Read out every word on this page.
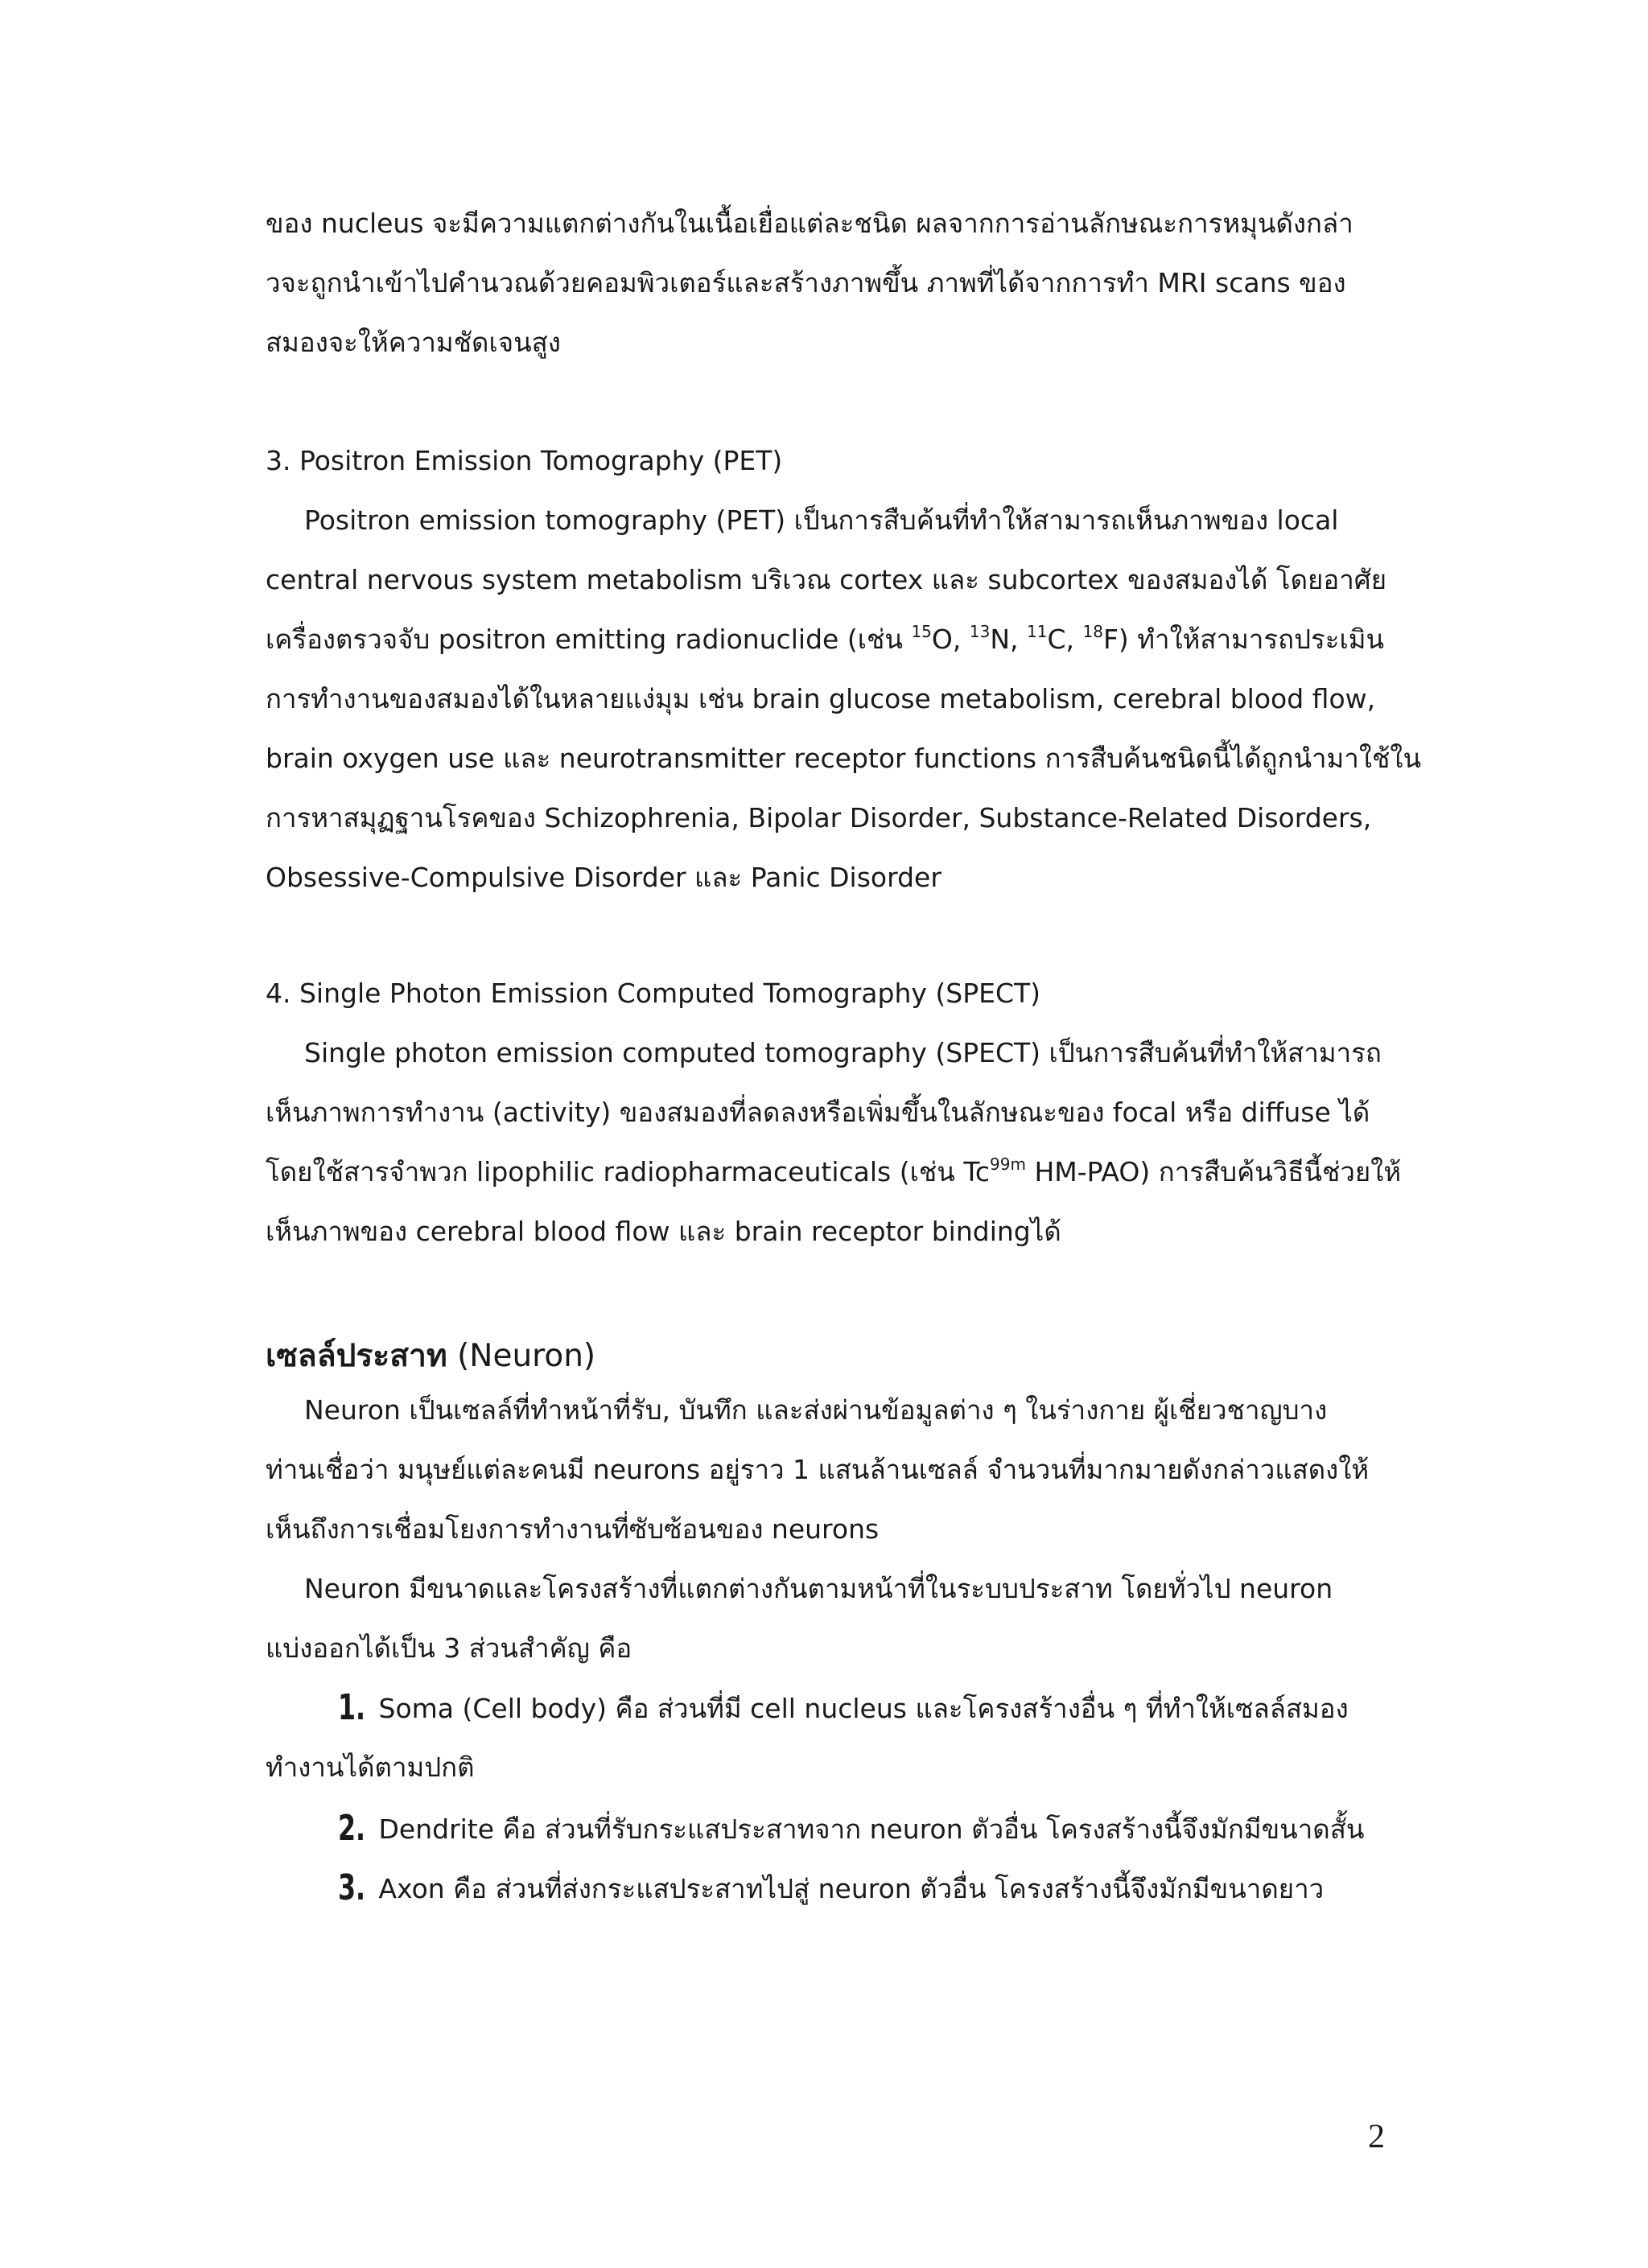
ของ nucleus จะมีความแตกต่างกันในเนื้อเยื่อแต่ละชนิด ผลจากการอ่านลักษณะการหมุนดังกล่า
วจะถูกนำเข้าไปคำนวณด้วยคอมพิวเตอร์และสร้างภาพขึ้น ภาพที่ได้จากการทำ MRI scans ของ
สมองจะให้ความชัดเจนสูง
3. Positron Emission Tomography (PET)
Positron emission tomography (PET) เป็นการสืบค้นที่ทำให้สามารถเห็นภาพของ local
central nervous system metabolism บริเวณ cortex และ subcortex ของสมองได้ โดยอาศัย
เครื่องตรวจจับ positron emitting radionuclide (เช่น $^{15}$O, $^{13}$N, $^{11}$C, $^{18}$F) ทำให้สามารถประเมิน
การทำงานของสมองได้ในหลายแง่มุม เช่น brain glucose metabolism, cerebral blood flow,
brain oxygen use และ neurotransmitter receptor functions การสืบค้นชนิดนี้ได้ถูกนำมาใช้ใน
การหาสมุฏฐานโรคของ Schizophrenia, Bipolar Disorder, Substance-Related Disorders,
Obsessive-Compulsive Disorder และ Panic Disorder
4. Single Photon Emission Computed Tomography (SPECT)
Single photon emission computed tomography (SPECT) เป็นการสืบค้นที่ทำให้สามารถ
เห็นภาพการทำงาน (activity) ของสมองที่ลดลงหรือเพิ่มขึ้นในลักษณะของ focal หรือ diffuse ได้
โดยใช้สารจำพวก lipophilic radiopharmaceuticals (เช่น $Tc^{99m}$ HM-PAO) การสืบค้นวิธีนี้ช่วยให้
เห็นภาพของ cerebral blood flow และ brain receptor bindingได้
เซลล์ประสาท (Neuron)
Neuron เป็นเซลล์ที่ทำหน้าที่รับ, บันทึก และส่งผ่านข้อมูลต่าง ๆ ในร่างกาย ผู้เชี่ยวชาญบาง
ท่านเชื่อว่า มนุษย์แต่ละคนมี neurons อยู่ราว 1 แสนล้านเซลล์ จำนวนที่มากมายดังกล่าวแสดงให้
เห็นถึงการเชื่อมโยงการทำงานที่ซับซ้อนของ neurons
Neuron มีขนาดและโครงสร้างที่แตกต่างกันตามหน้าที่ในระบบประสาท โดยทั่วไป neuron
แบ่งออกได้เป็น 3 ส่วนสำคัญ คือ
1. Soma (Cell body) คือ ส่วนที่มี cell nucleus และโครงสร้างอื่น ๆ ที่ทำให้เซลล์สมอง
ทำงานได้ตามปกติ
2. Dendrite คือ ส่วนที่รับกระแสประสาทจาก neuron ตัวอื่น โครงสร้างนี้จึงมักมีขนาดสั้น
3. Axon คือ ส่วนที่ส่งกระแสประสาทไปสู่ neuron ตัวอื่น โครงสร้างนี้จึงมักมีขนาดยาว
2
